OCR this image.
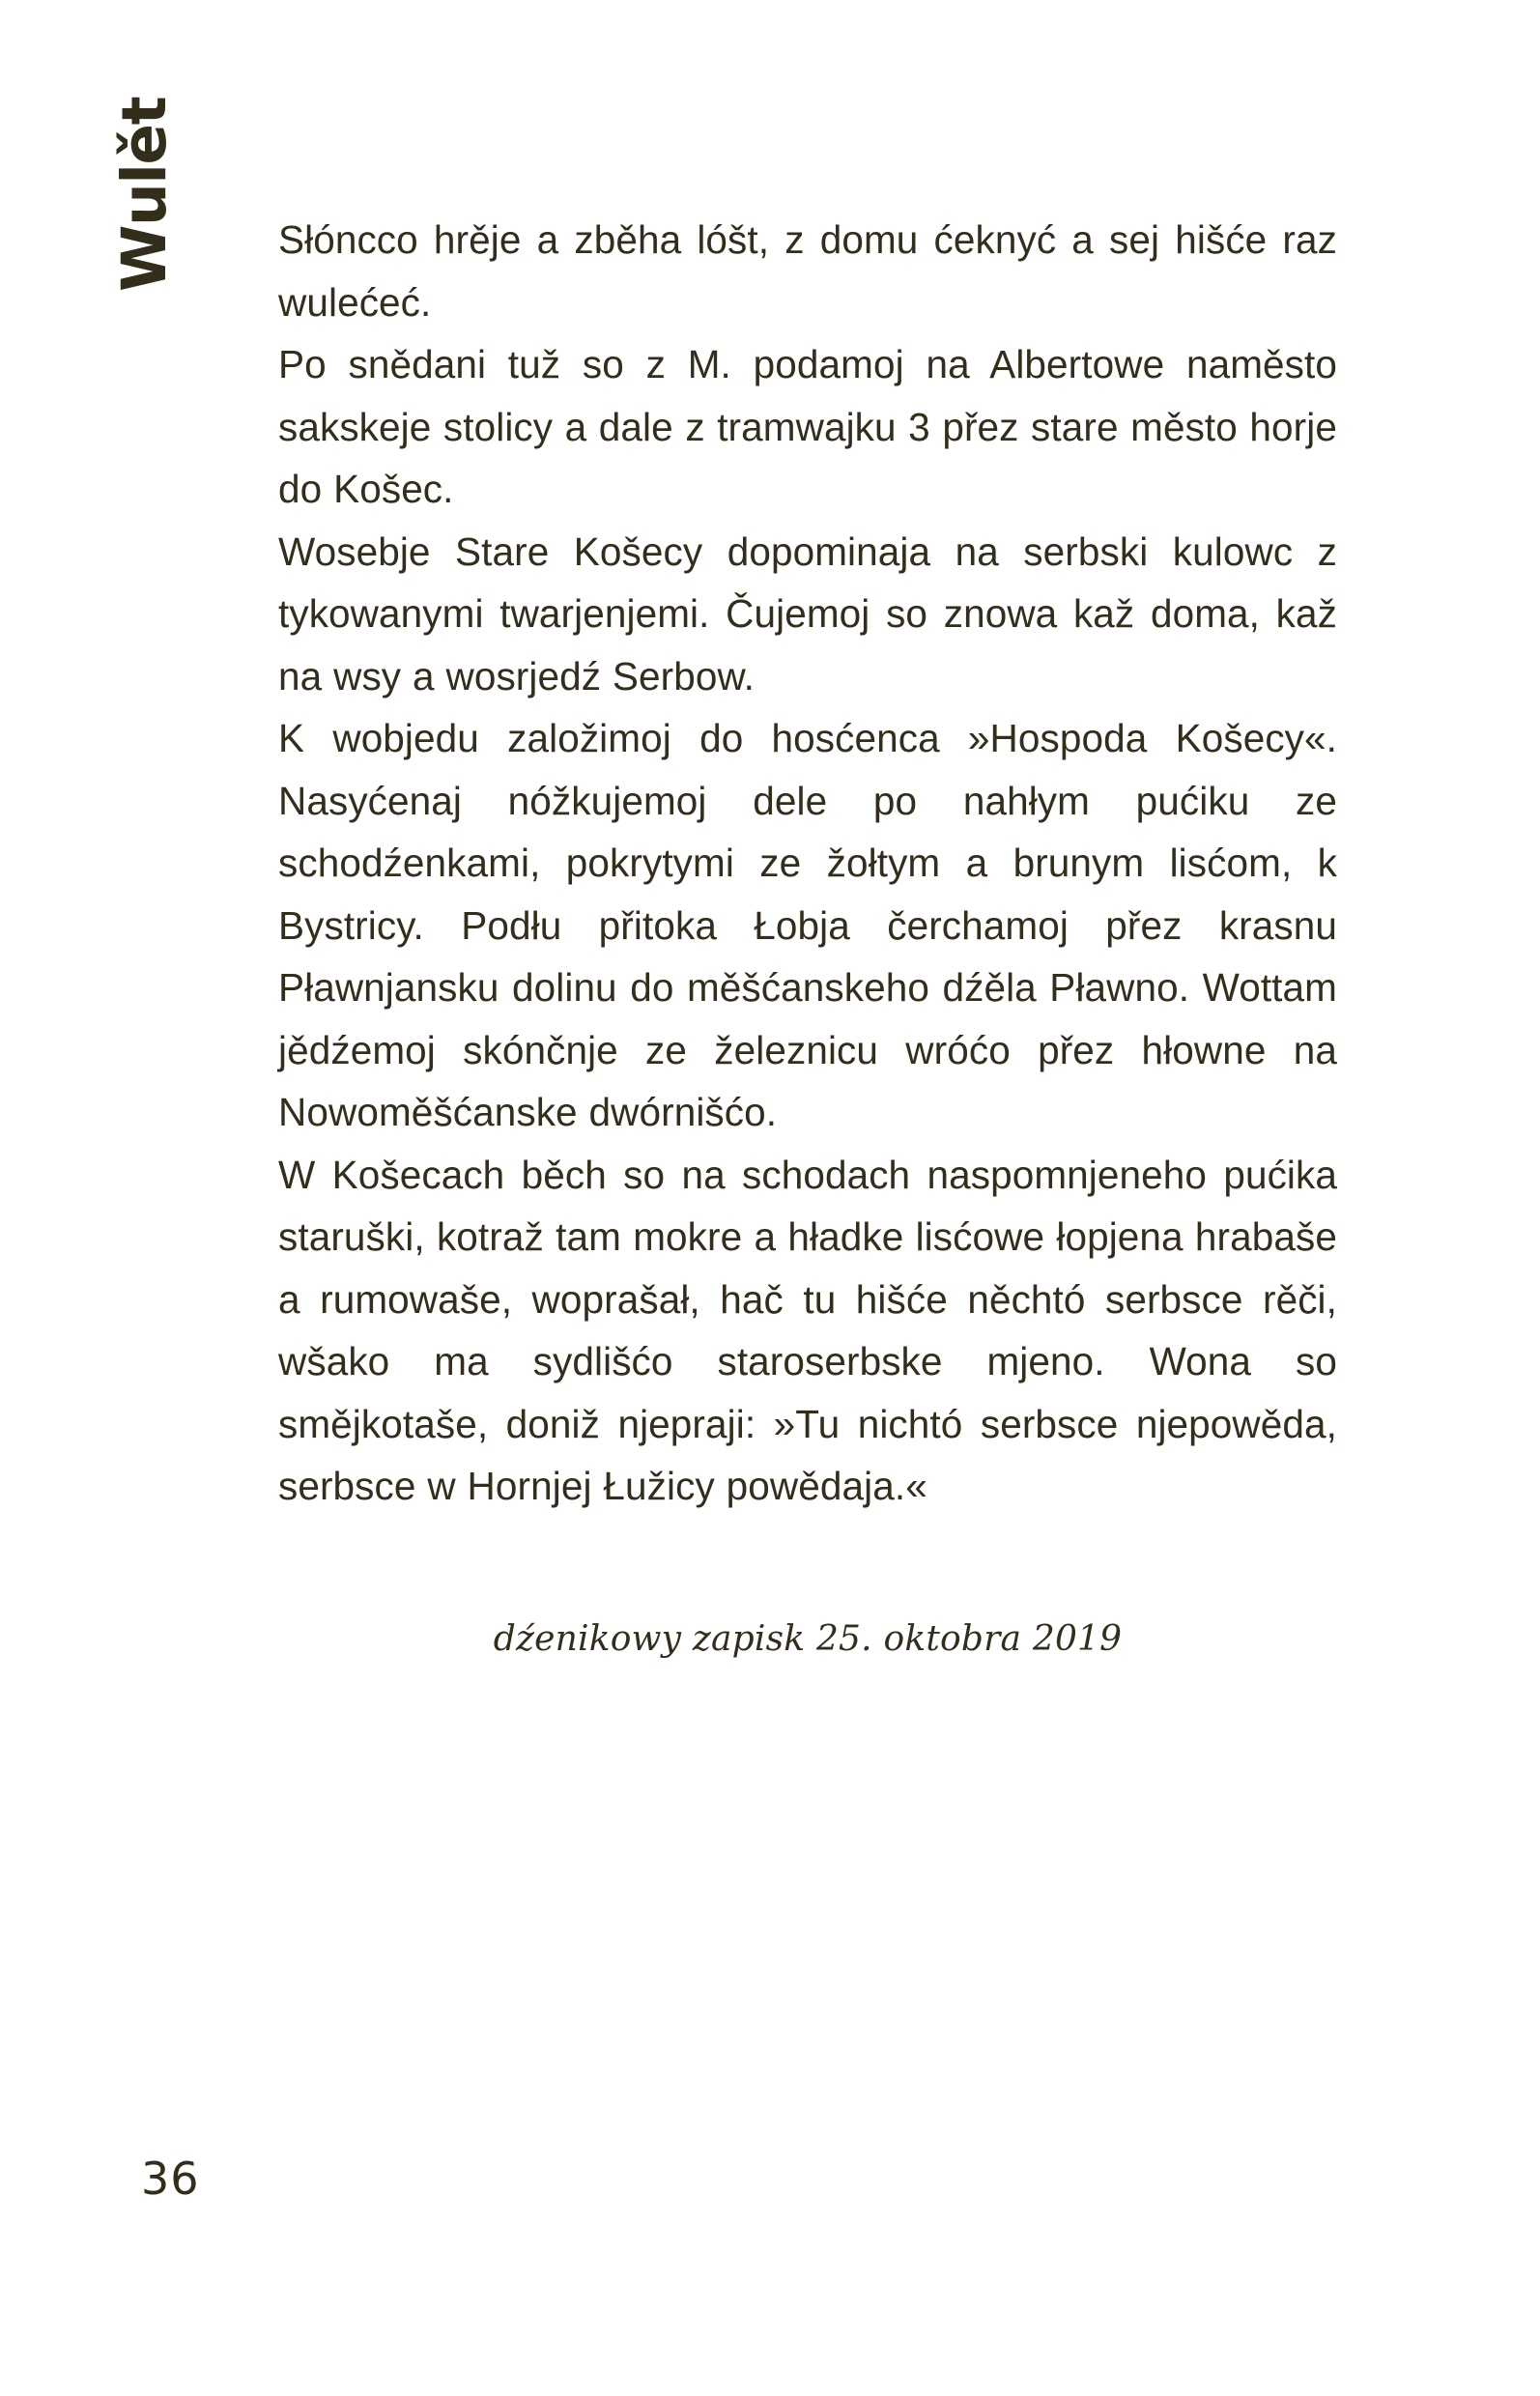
Wulět	Słóncco hrěje a zběha lóšt, z domu ćeknyć a sej hišće raz wulećeć.

Po snědani tuž so z M. podamoj na Albertowe naměsto sakskeje stolicy a dale z tramwajku 3 přez stare město horje do Košec.

Wosebje Stare Košecy dopominaja na serbski kulowc z tykowanymi twarjenjemi. Čujemoj so znowa kaž doma, kaž na wsy a wosrjedź Serbow.

K wobjedu založimoj do hosćenca »Hospoda Košecy«. Nasyćenaj nóžkujemoj dele po nahłym pućiku ze schodźenkami, pokrytymi ze žołtym a brunym lisćom, k Bystricy. Podłu přitoka Łobja čerchamoj přez krasnu Pławnjansku dolinu do měšćanskeho dźěla Pławno. Wottam jědźemoj skónčnje ze železnicu wróćo přez hłowne na Nowoměšćanske dwórnišćo.

W Košecach běch so na schodach naspomnjeneho pućika staruški, kotraž tam mokre a hładke lisćowe łopjena hrabaše a rumowaše, woprašał, hač tu hišće něchtó serbsce rěči, wšako ma sydlišćo staroserbske mjeno. Wona so smějkotaše, doniž njepraji: »Tu nichtó serbsce njepowěda, serbsce w Hornjej Łužicy powědaja.«

dźenikowy zapisk 25. oktobra 2019
36
